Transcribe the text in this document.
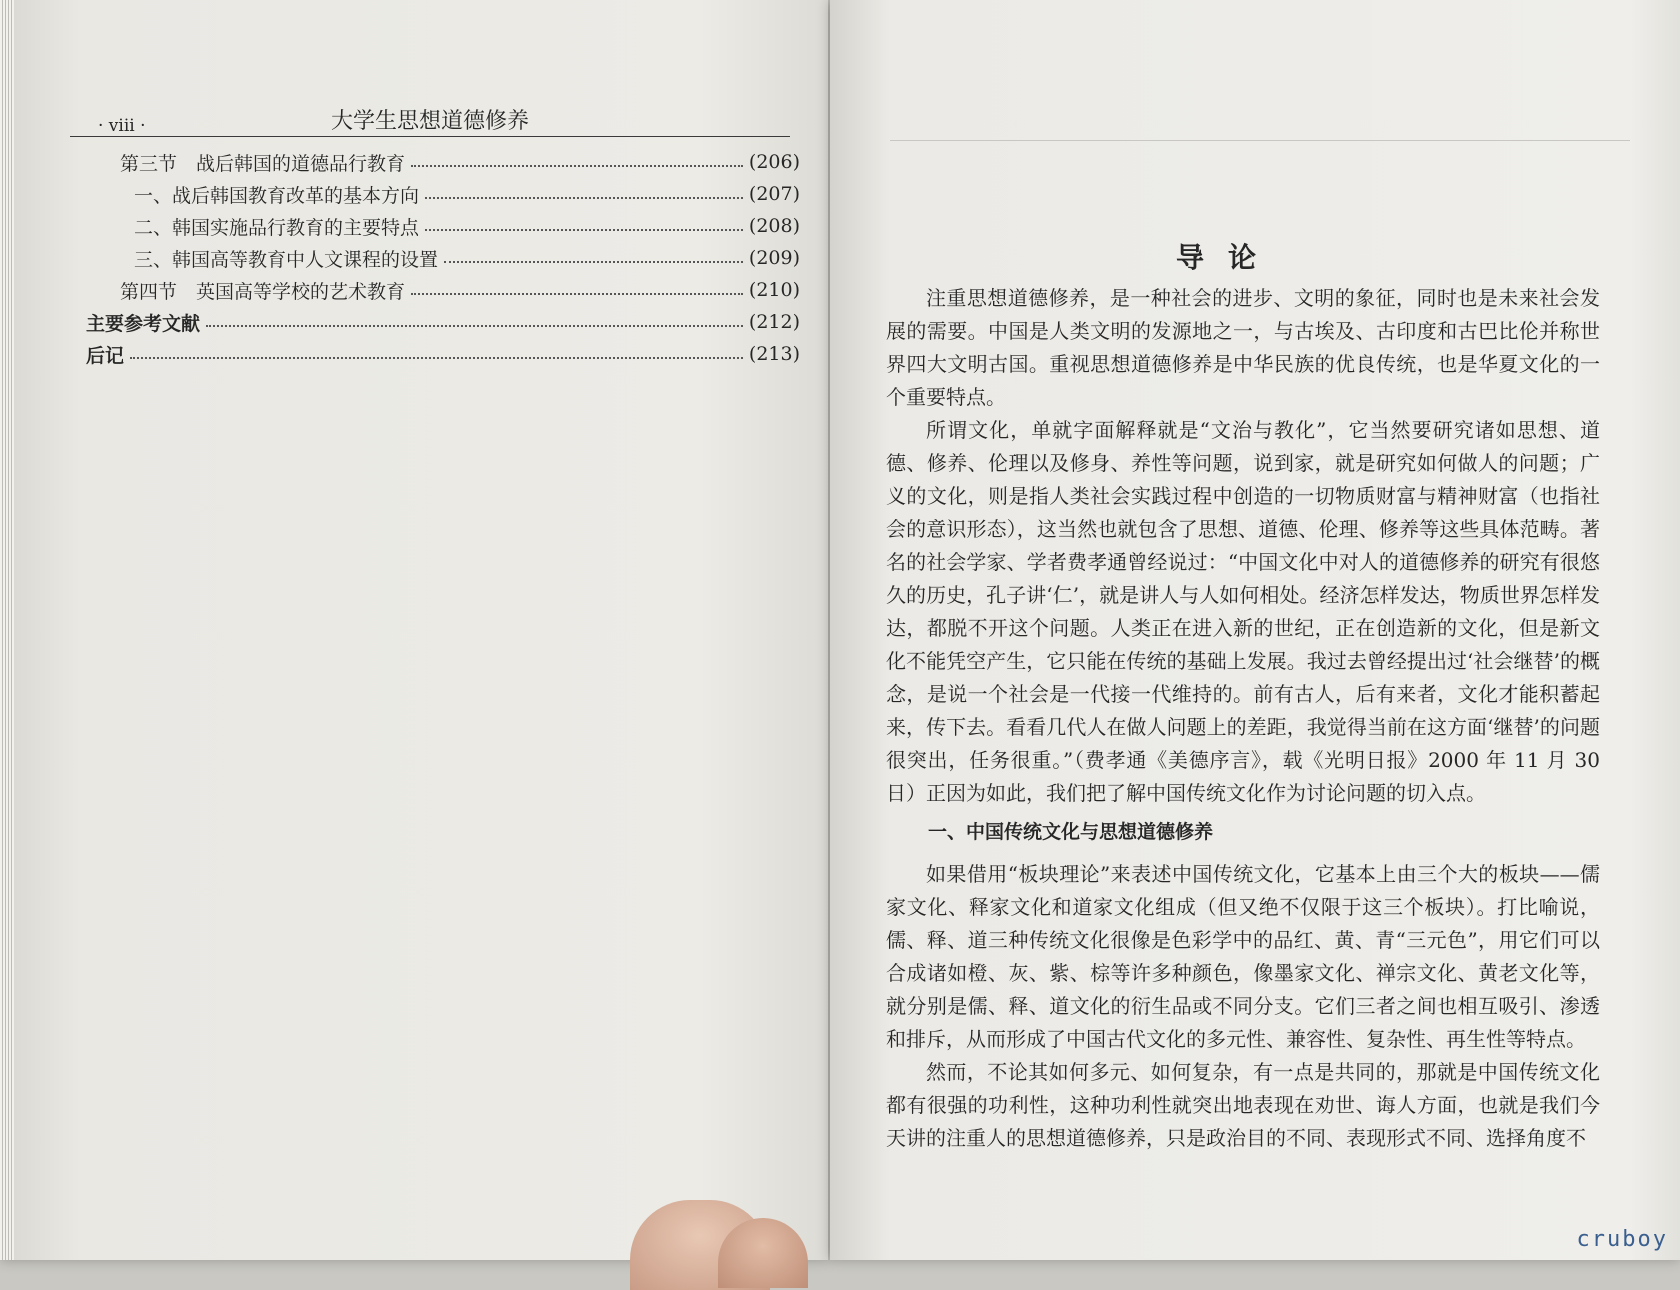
· viii ·	大学生思想道德修养
第三节　战后韩国的道德品行教育	(206)
一、战后韩国教育改革的基本方向	(207)
二、韩国实施品行教育的主要特点	(208)
三、韩国高等教育中人文课程的设置	(209)
第四节　英国高等学校的艺术教育	(210)
主要参考文献	(212)
后记	(213)
导论

注重思想道德修养，是一种社会的进步、文明的象征，同时也是未来社会发展的需要。中国是人类文明的发源地之一，与古埃及、古印度和古巴比伦并称世界四大文明古国。重视思想道德修养是中华民族的优良传统，也是华夏文化的一个重要特点。

所谓文化，单就字面解释就是“文治与教化”，它当然要研究诸如思想、道德、修养、伦理以及修身、养性等问题，说到家，就是研究如何做人的问题；广义的文化，则是指人类社会实践过程中创造的一切物质财富与精神财富（也指社会的意识形态），这当然也就包含了思想、道德、伦理、修养等这些具体范畴。著名的社会学家、学者费孝通曾经说过：“中国文化中对人的道德修养的研究有很悠久的历史，孔子讲‘仁’，就是讲人与人如何相处。经济怎样发达，物质世界怎样发达，都脱不开这个问题。人类正在进入新的世纪，正在创造新的文化，但是新文化不能凭空产生，它只能在传统的基础上发展。我过去曾经提出过‘社会继替’的概念，是说一个社会是一代接一代维持的。前有古人，后有来者，文化才能积蓄起来，传下去。看看几代人在做人问题上的差距，我觉得当前在这方面‘继替’的问题很突出，任务很重。”（费孝通《美德序言》，载《光明日报》2000 年 11 月 30 日）正因为如此，我们把了解中国传统文化作为讨论问题的切入点。

一、中国传统文化与思想道德修养

如果借用“板块理论”来表述中国传统文化，它基本上由三个大的板块——儒家文化、释家文化和道家文化组成（但又绝不仅限于这三个板块）。打比喻说，儒、释、道三种传统文化很像是色彩学中的品红、黄、青“三元色”，用它们可以合成诸如橙、灰、紫、棕等许多种颜色，像墨家文化、禅宗文化、黄老文化等，就分别是儒、释、道文化的衍生品或不同分支。它们三者之间也相互吸引、渗透和排斥，从而形成了中国古代文化的多元性、兼容性、复杂性、再生性等特点。

然而，不论其如何多元、如何复杂，有一点是共同的，那就是中国传统文化都有很强的功利性，这种功利性就突出地表现在劝世、诲人方面，也就是我们今天讲的注重人的思想道德修养，只是政治目的不同、表现形式不同、选择角度不

cruboy
